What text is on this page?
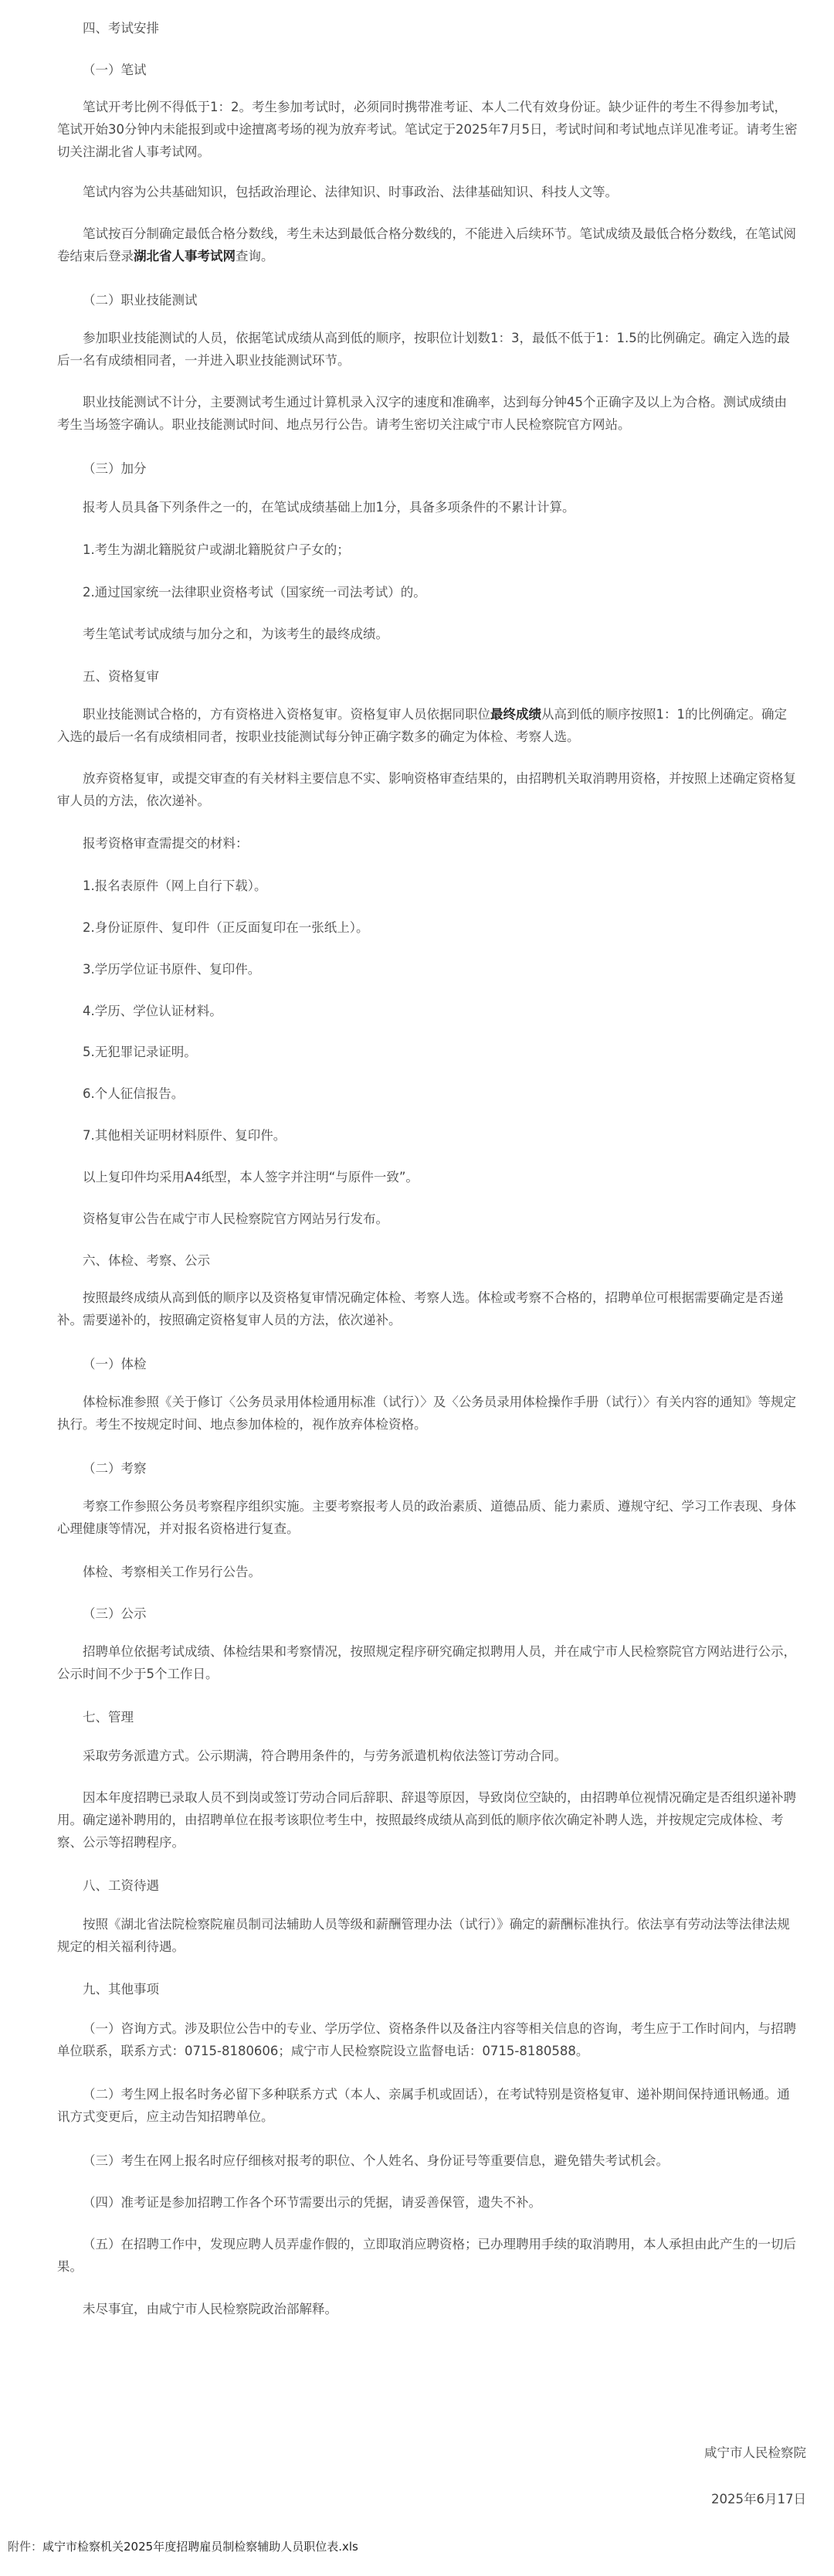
四、考试安排

（一）笔试

笔试开考比例不得低于1：2。考生参加考试时，必须同时携带准考证、本人二代有效身份证。缺少证件的考生不得参加考试，笔试开始30分钟内未能报到或中途擅离考场的视为放弃考试。笔试定于2025年7月5日，考试时间和考试地点详见准考证。请考生密切关注湖北省人事考试网。

笔试内容为公共基础知识，包括政治理论、法律知识、时事政治、法律基础知识、科技人文等。

笔试按百分制确定最低合格分数线，考生未达到最低合格分数线的，不能进入后续环节。笔试成绩及最低合格分数线，在笔试阅卷结束后登录湖北省人事考试网查询。

（二）职业技能测试

参加职业技能测试的人员，依据笔试成绩从高到低的顺序，按职位计划数1：3，最低不低于1：1.5的比例确定。确定入选的最后一名有成绩相同者，一并进入职业技能测试环节。

职业技能测试不计分，主要测试考生通过计算机录入汉字的速度和准确率，达到每分钟45个正确字及以上为合格。测试成绩由考生当场签字确认。职业技能测试时间、地点另行公告。请考生密切关注咸宁市人民检察院官方网站。

（三）加分

报考人员具备下列条件之一的，在笔试成绩基础上加1分，具备多项条件的不累计计算。

1.考生为湖北籍脱贫户或湖北籍脱贫户子女的；

2.通过国家统一法律职业资格考试（国家统一司法考试）的。

考生笔试考试成绩与加分之和，为该考生的最终成绩。

五、资格复审

职业技能测试合格的，方有资格进入资格复审。资格复审人员依据同职位最终成绩从高到低的顺序按照1：1的比例确定。确定入选的最后一名有成绩相同者，按职业技能测试每分钟正确字数多的确定为体检、考察人选。

放弃资格复审，或提交审查的有关材料主要信息不实、影响资格审查结果的，由招聘机关取消聘用资格，并按照上述确定资格复审人员的方法，依次递补。

报考资格审查需提交的材料：

1.报名表原件（网上自行下载）。

2.身份证原件、复印件（正反面复印在一张纸上）。

3.学历学位证书原件、复印件。

4.学历、学位认证材料。

5.无犯罪记录证明。

6.个人征信报告。

7.其他相关证明材料原件、复印件。

以上复印件均采用A4纸型，本人签字并注明“与原件一致”。

资格复审公告在咸宁市人民检察院官方网站另行发布。

六、体检、考察、公示

按照最终成绩从高到低的顺序以及资格复审情况确定体检、考察人选。体检或考察不合格的，招聘单位可根据需要确定是否递补。需要递补的，按照确定资格复审人员的方法，依次递补。

（一）体检

体检标准参照《关于修订〈公务员录用体检通用标准（试行）〉及〈公务员录用体检操作手册（试行）〉有关内容的通知》等规定执行。考生不按规定时间、地点参加体检的，视作放弃体检资格。

（二）考察

考察工作参照公务员考察程序组织实施。主要考察报考人员的政治素质、道德品质、能力素质、遵规守纪、学习工作表现、身体心理健康等情况，并对报名资格进行复查。

体检、考察相关工作另行公告。

（三）公示

招聘单位依据考试成绩、体检结果和考察情况，按照规定程序研究确定拟聘用人员，并在咸宁市人民检察院官方网站进行公示，公示时间不少于5个工作日。

七、管理

采取劳务派遣方式。公示期满，符合聘用条件的，与劳务派遣机构依法签订劳动合同。

因本年度招聘已录取人员不到岗或签订劳动合同后辞职、辞退等原因，导致岗位空缺的，由招聘单位视情况确定是否组织递补聘用。确定递补聘用的，由招聘单位在报考该职位考生中，按照最终成绩从高到低的顺序依次确定补聘人选，并按规定完成体检、考察、公示等招聘程序。

八、工资待遇

按照《湖北省法院检察院雇员制司法辅助人员等级和薪酬管理办法（试行）》确定的薪酬标准执行。依法享有劳动法等法律法规规定的相关福利待遇。

九、其他事项

（一）咨询方式。涉及职位公告中的专业、学历学位、资格条件以及备注内容等相关信息的咨询，考生应于工作时间内，与招聘单位联系，联系方式：0715-8180606；咸宁市人民检察院设立监督电话：0715-8180588。

（二）考生网上报名时务必留下多种联系方式（本人、亲属手机或固话），在考试特别是资格复审、递补期间保持通讯畅通。通讯方式变更后，应主动告知招聘单位。

（三）考生在网上报名时应仔细核对报考的职位、个人姓名、身份证号等重要信息，避免错失考试机会。

（四）准考证是参加招聘工作各个环节需要出示的凭据，请妥善保管，遗失不补。

（五）在招聘工作中，发现应聘人员弄虚作假的，立即取消应聘资格；已办理聘用手续的取消聘用，本人承担由此产生的一切后果。

未尽事宜，由咸宁市人民检察院政治部解释。

咸宁市人民检察院
2025年6月17日
附件：咸宁市检察机关2025年度招聘雇员制检察辅助人员职位表.xls
